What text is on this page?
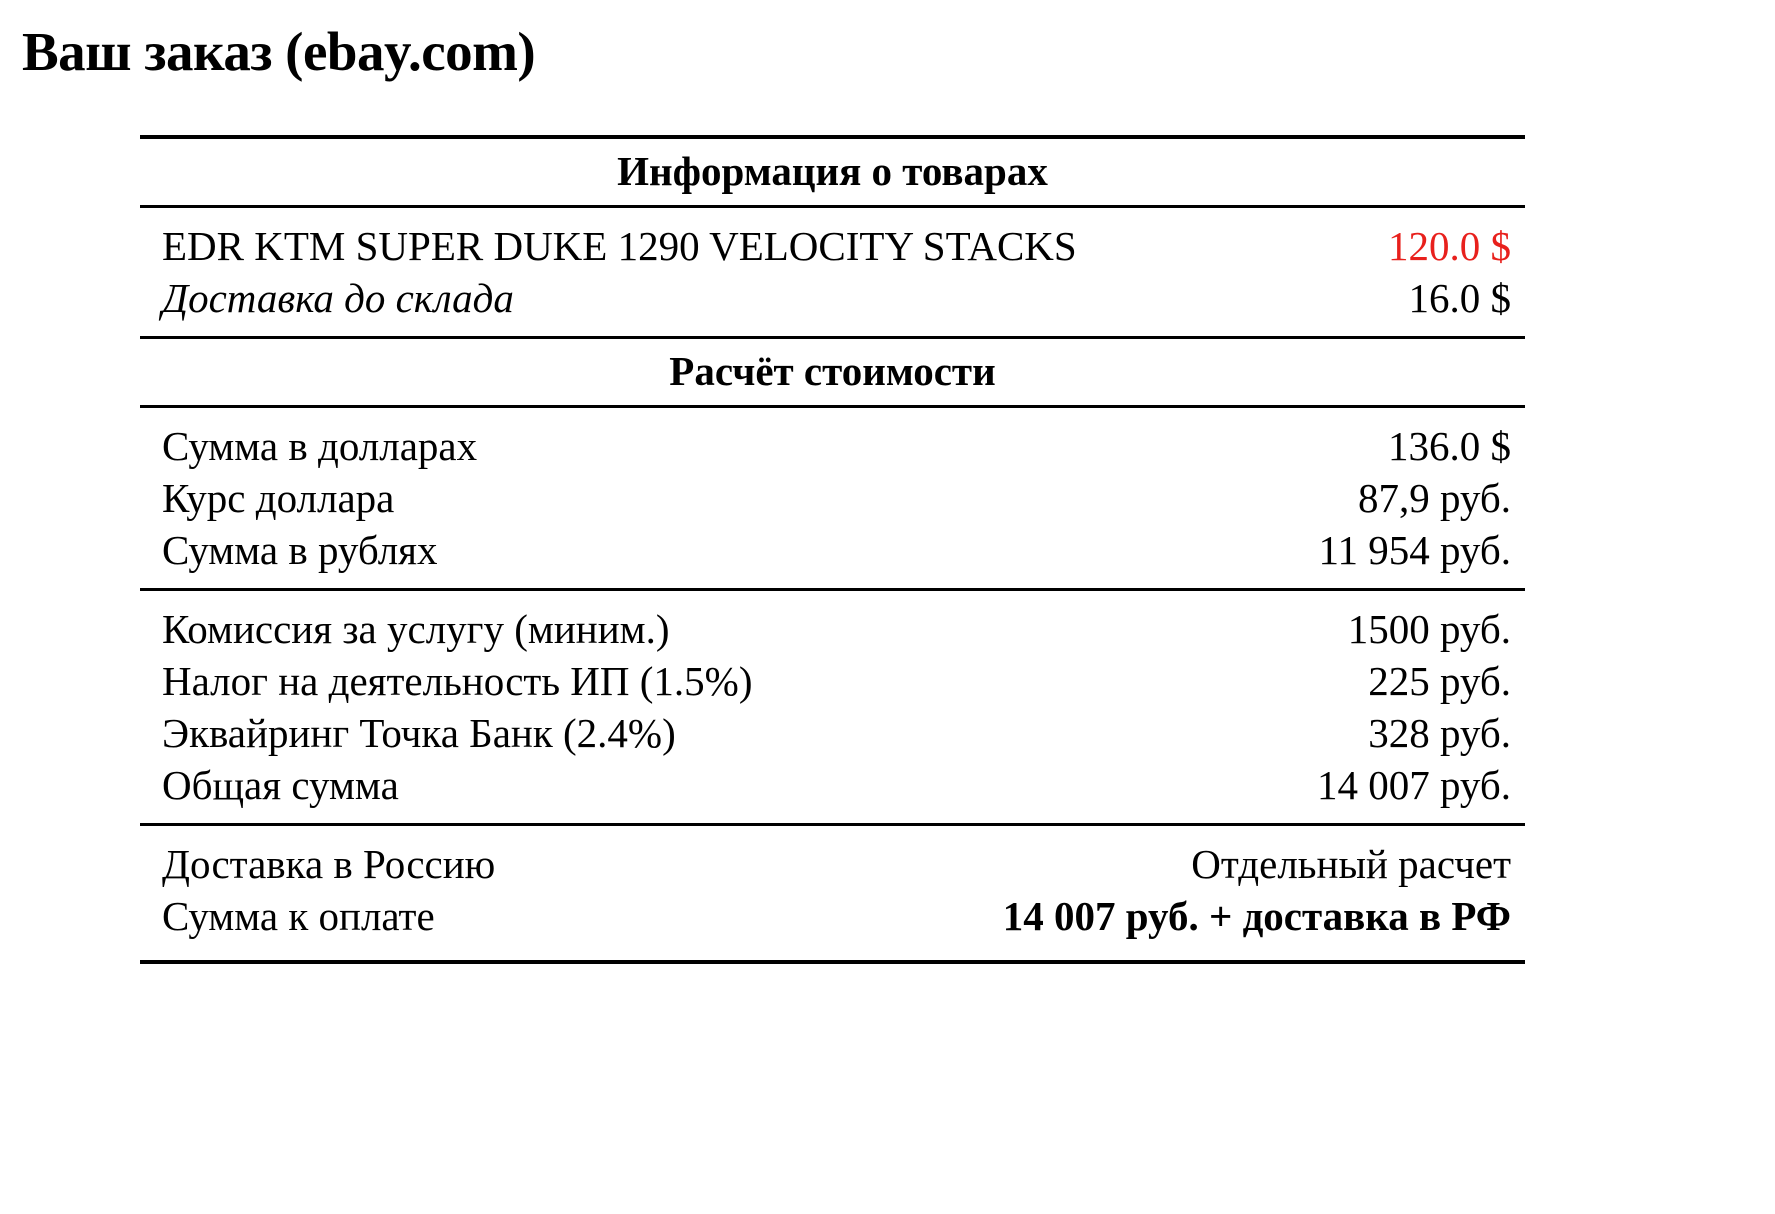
Ваш заказ (ebay.com)
Информация о товарах	
EDR KTM SUPER DUKE 1290 VELOCITY STACKS	120.0 $
Доставка до склада	16.0 $
Расчёт стоимости	
Сумма в долларах	136.0 $
Курс доллара	87,9 руб.
Сумма в рублях	11 954 руб.
Комиссия за услугу (миним.)	1500 руб.
Налог на деятельность ИП (1.5%)	225 руб.
Эквайринг Точка Банк (2.4%)	328 руб.
Общая сумма	14 007 руб.
Доставка в Россию	Отдельный расчет
Сумма к оплате	14 007 руб. + доставка в РФ
